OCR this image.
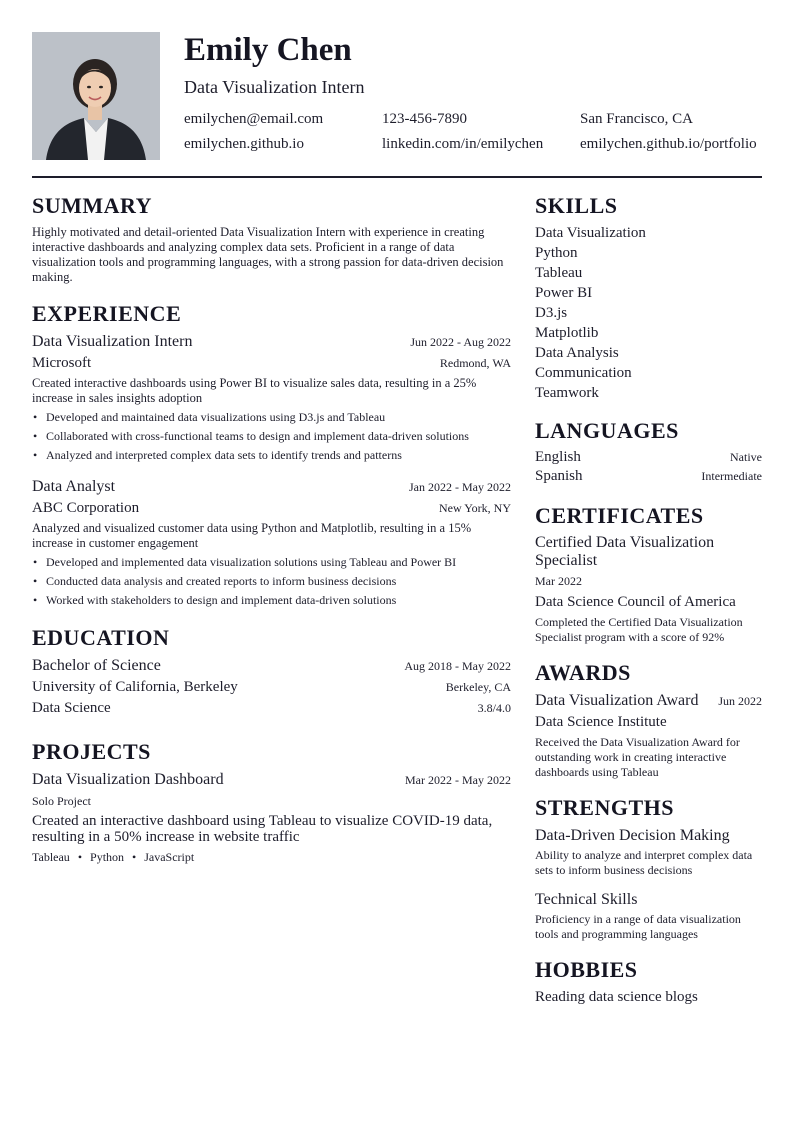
Emily Chen
Data Visualization Intern
emilychen@email.com	123-456-7890	San Francisco, CA
emilychen.github.io	linkedin.com/in/emilychen emilychen.github.io/portfolio
SUMMARY
Highly motivated and detail-oriented Data Visualization Intern with experience in creating interactive dashboards and analyzing complex data sets. Proficient in a range of data visualization tools and programming languages, with a strong passion for data-driven decision making.
EXPERIENCE
Data Visualization Intern	Jun 2022 - Aug 2022
Microsoft	Redmond, WA
Created interactive dashboards using Power BI to visualize sales data, resulting in a 25% increase in sales insights adoption
• Developed and maintained data visualizations using D3.js and Tableau
• Collaborated with cross-functional teams to design and implement data-driven solutions
• Analyzed and interpreted complex data sets to identify trends and patterns
Data Analyst	Jan 2022 - May 2022
ABC Corporation	New York, NY
Analyzed and visualized customer data using Python and Matplotlib, resulting in a 15% increase in customer engagement
• Developed and implemented data visualization solutions using Tableau and Power BI
• Conducted data analysis and created reports to inform business decisions
• Worked with stakeholders to design and implement data-driven solutions
EDUCATION
Bachelor of Science	Aug 2018 - May 2022
University of California, Berkeley	Berkeley, CA
Data Science	3.8/4.0
PROJECTS
Data Visualization Dashboard	Mar 2022 - May 2022
Solo Project
Created an interactive dashboard using Tableau to visualize COVID-19 data, resulting in a 50% increase in website traffic
Tableau • Python • JavaScript
SKILLS
Data Visualization
Python
Tableau
Power BI
D3.js
Matplotlib
Data Analysis
Communication
Teamwork
LANGUAGES
English	Native
Spanish	Intermediate
CERTIFICATES
Certified Data Visualization Specialist
Mar 2022
Data Science Council of America
Completed the Certified Data Visualization Specialist program with a score of 92%
AWARDS
Data Visualization Award Jun 2022
Data Science Institute
Received the Data Visualization Award for outstanding work in creating interactive dashboards using Tableau
STRENGTHS
Data-Driven Decision Making
Ability to analyze and interpret complex data sets to inform business decisions
Technical Skills
Proficiency in a range of data visualization tools and programming languages
HOBBIES
Reading data science blogs
